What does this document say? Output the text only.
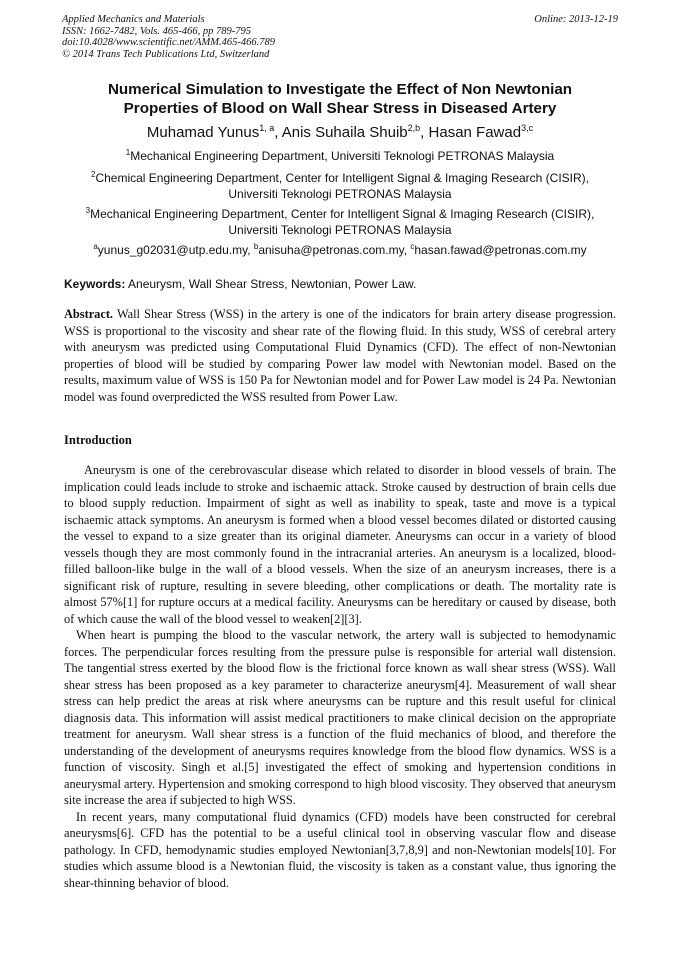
Applied Mechanics and Materials
ISSN: 1662-7482, Vols. 465-466, pp 789-795
doi:10.4028/www.scientific.net/AMM.465-466.789
© 2014 Trans Tech Publications Ltd, Switzerland
Online: 2013-12-19
Numerical Simulation to Investigate the Effect of Non Newtonian
Properties of Blood on Wall Shear Stress in Diseased Artery
Muhamad Yunus$^{1, a}$, Anis Suhaila Shuib$^{2,b}$, Hasan Fawad$^{3,c}$
$^1$Mechanical Engineering Department, Universiti Teknologi PETRONAS Malaysia
$^2$Chemical Engineering Department, Center for Intelligent Signal & Imaging Research (CISIR),
Universiti Teknologi PETRONAS Malaysia
$^3$Mechanical Engineering Department, Center for Intelligent Signal & Imaging Research (CISIR),
Universiti Teknologi PETRONAS Malaysia
$^a$yunus_g02031@utp.edu.my, $^b$anisuha@petronas.com.my, $^c$hasan.fawad@petronas.com.my
Keywords: Aneurysm, Wall Shear Stress, Newtonian, Power Law.
Abstract. Wall Shear Stress (WSS) in the artery is one of the indicators for brain artery disease progression. WSS is proportional to the viscosity and shear rate of the flowing fluid. In this study, WSS of cerebral artery with aneurysm was predicted using Computational Fluid Dynamics (CFD). The effect of non-Newtonian properties of blood will be studied by comparing Power law model with Newtonian model. Based on the results, maximum value of WSS is 150 Pa for Newtonian model and for Power Law model is 24 Pa. Newtonian model was found overpredicted the WSS resulted from Power Law.
Introduction

Aneurysm is one of the cerebrovascular disease which related to disorder in blood vessels of brain. The implication could leads include to stroke and ischaemic attack. Stroke caused by destruction of brain cells due to blood supply reduction. Impairment of sight as well as inability to speak, taste and move is a typical ischaemic attack symptoms. An aneurysm is formed when a blood vessel becomes dilated or distorted causing the vessel to expand to a size greater than its original diameter. Aneurysms can occur in a variety of blood vessels though they are most commonly found in the intracranial arteries. An aneurysm is a localized, blood-filled balloon-like bulge in the wall of a blood vessels. When the size of an aneurysm increases, there is a significant risk of rupture, resulting in severe bleeding, other complications or death. The mortality rate is almost 57%[1] for rupture occurs at a medical facility. Aneurysms can be hereditary or caused by disease, both of which cause the wall of the blood vessel to weaken[2][3].

When heart is pumping the blood to the vascular network, the artery wall is subjected to hemodynamic forces. The perpendicular forces resulting from the pressure pulse is responsible for arterial wall distension. The tangential stress exerted by the blood flow is the frictional force known as wall shear stress (WSS). Wall shear stress has been proposed as a key parameter to characterize aneurysm[4]. Measurement of wall shear stress can help predict the areas at risk where aneurysms can be rupture and this result useful for clinical diagnosis data. This information will assist medical practitioners to make clinical decision on the appropriate treatment for aneurysm. Wall shear stress is a function of the fluid mechanics of blood, and therefore the understanding of the development of aneurysms requires knowledge from the blood flow dynamics. WSS is a function of viscosity. Singh et al.[5] investigated the effect of smoking and hypertension conditions in aneurysmal artery. Hypertension and smoking correspond to high blood viscosity. They observed that aneurysm site increase the area if subjected to high WSS.

In recent years, many computational fluid dynamics (CFD) models have been constructed for cerebral aneurysms[6]. CFD has the potential to be a useful clinical tool in observing vascular flow and disease pathology. In CFD, hemodynamic studies employed Newtonian[3,7,8,9] and non-Newtonian models[10]. For studies which assume blood is a Newtonian fluid, the viscosity is taken as a constant value, thus ignoring the shear-thinning behavior of blood.
